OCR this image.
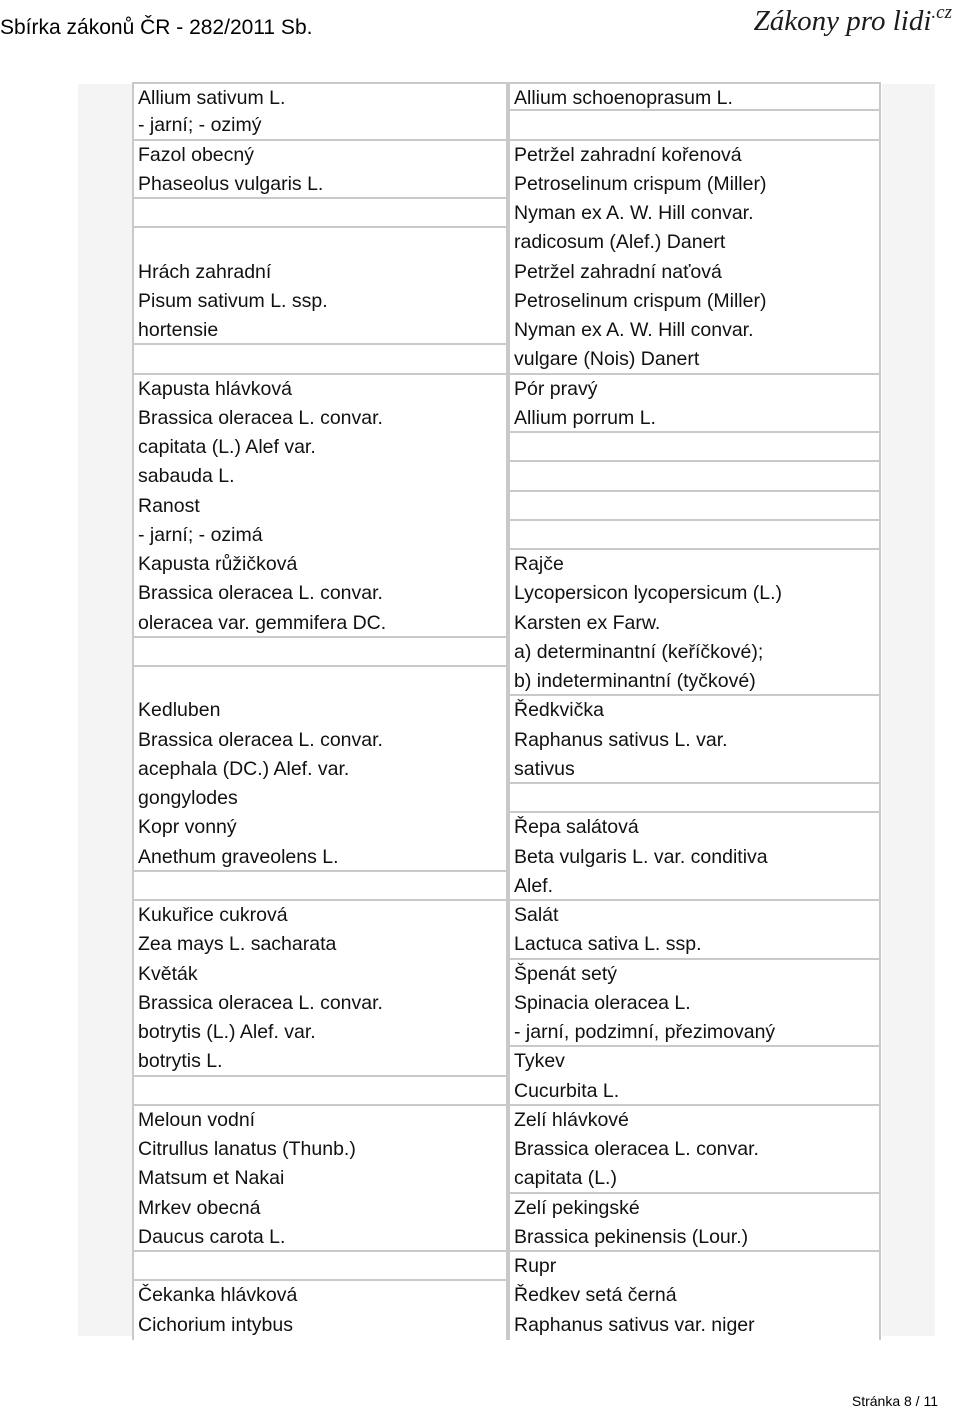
Sbírka zákonů ČR - 282/2011 Sb.	Zákony pro lidi$^{.cz}$
Allium sativum L.
- jarní; - ozimý
Fazol obecný
Phaseolus vulgaris L.
Hrách zahradní
Pisum sativum L. ssp.
hortensie
Kapusta hlávková
Brassica oleracea L. convar.
capitata (L.) Alef var.
sabauda L.
Ranost
- jarní; - ozimá
Kapusta růžičková
Brassica oleracea L. convar.
oleracea var. gemmifera DC.
Kedluben
Brassica oleracea L. convar.
acephala (DC.) Alef. var.
gongylodes
Kopr vonný
Anethum graveolens L.
Kukuřice cukrová
Zea mays L. sacharata
Květák
Brassica oleracea L. convar.
botrytis (L.) Alef. var.
botrytis L.
Meloun vodní
Citrullus lanatus (Thunb.)
Matsum et Nakai
Mrkev obecná
Daucus carota L.
Čekanka hlávková
Cichorium intybus
Allium schoenoprasum L.
Petržel zahradní kořenová
Petroselinum crispum (Miller)
Nyman ex A. W. Hill convar.
radicosum (Alef.) Danert
Petržel zahradní naťová
Petroselinum crispum (Miller)
Nyman ex A. W. Hill convar.
vulgare (Nois) Danert
Pór pravý
Allium porrum L.
Rajče
Lycopersicon lycopersicum (L.)
Karsten ex Farw.
a) determinantní (keříčkové);
b) indeterminantní (tyčkové)
Ředkvička
Raphanus sativus L. var.
sativus
Řepa salátová
Beta vulgaris L. var. conditiva
Alef.
Salát
Lactuca sativa L. ssp.
Špenát setý
Spinacia oleracea L.
- jarní, podzimní, přezimovaný
Tykev
Cucurbita L.
Zelí hlávkové
Brassica oleracea L. convar.
capitata (L.)
Zelí pekingské
Brassica pekinensis (Lour.)
Rupr
Ředkev setá černá
Raphanus sativus var. niger
Stránka 8 / 11
